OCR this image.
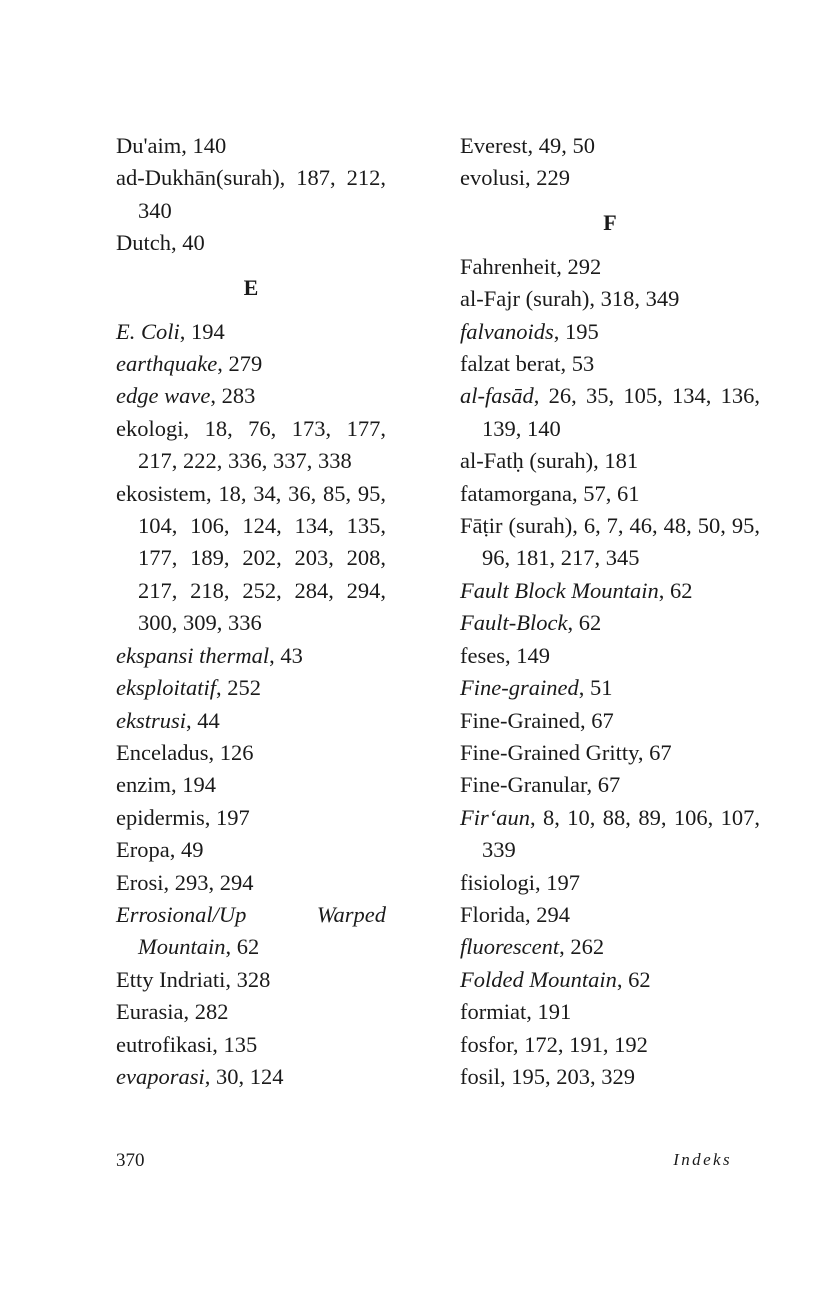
Du'aim, 140
ad-Dukhān(surah), 187, 212, 340
Dutch, 40
E
E. Coli, 194
earthquake, 279
edge wave, 283
ekologi, 18, 76, 173, 177, 217, 222, 336, 337, 338
ekosistem, 18, 34, 36, 85, 95, 104, 106, 124, 134, 135, 177, 189, 202, 203, 208, 217, 218, 252, 284, 294, 300, 309, 336
ekspansi thermal, 43
eksploitatif, 252
ekstrusi, 44
Enceladus, 126
enzim, 194
epidermis, 197
Eropa, 49
Erosi, 293, 294
Errosional/Up Warped Mountain, 62
Etty Indriati, 328
Eurasia, 282
eutrofikasi, 135
evaporasi, 30, 124
Everest, 49, 50
evolusi, 229
F
Fahrenheit, 292
al-Fajr (surah), 318, 349
falvanoids, 195
falzat berat, 53
al-fasād, 26, 35, 105, 134, 136, 139, 140
al-Fatḥ (surah), 181
fatamorgana, 57, 61
Fāṭir (surah), 6, 7, 46, 48, 50, 95, 96, 181, 217, 345
Fault Block Mountain, 62
Fault-Block, 62
feses, 149
Fine-grained, 51
Fine-Grained, 67
Fine-Grained Gritty, 67
Fine-Granular, 67
Fir‘aun, 8, 10, 88, 89, 106, 107, 339
fisiologi, 197
Florida, 294
fluorescent, 262
Folded Mountain, 62
formiat, 191
fosfor, 172, 191, 192
fosil, 195, 203, 329
370	Indeks
